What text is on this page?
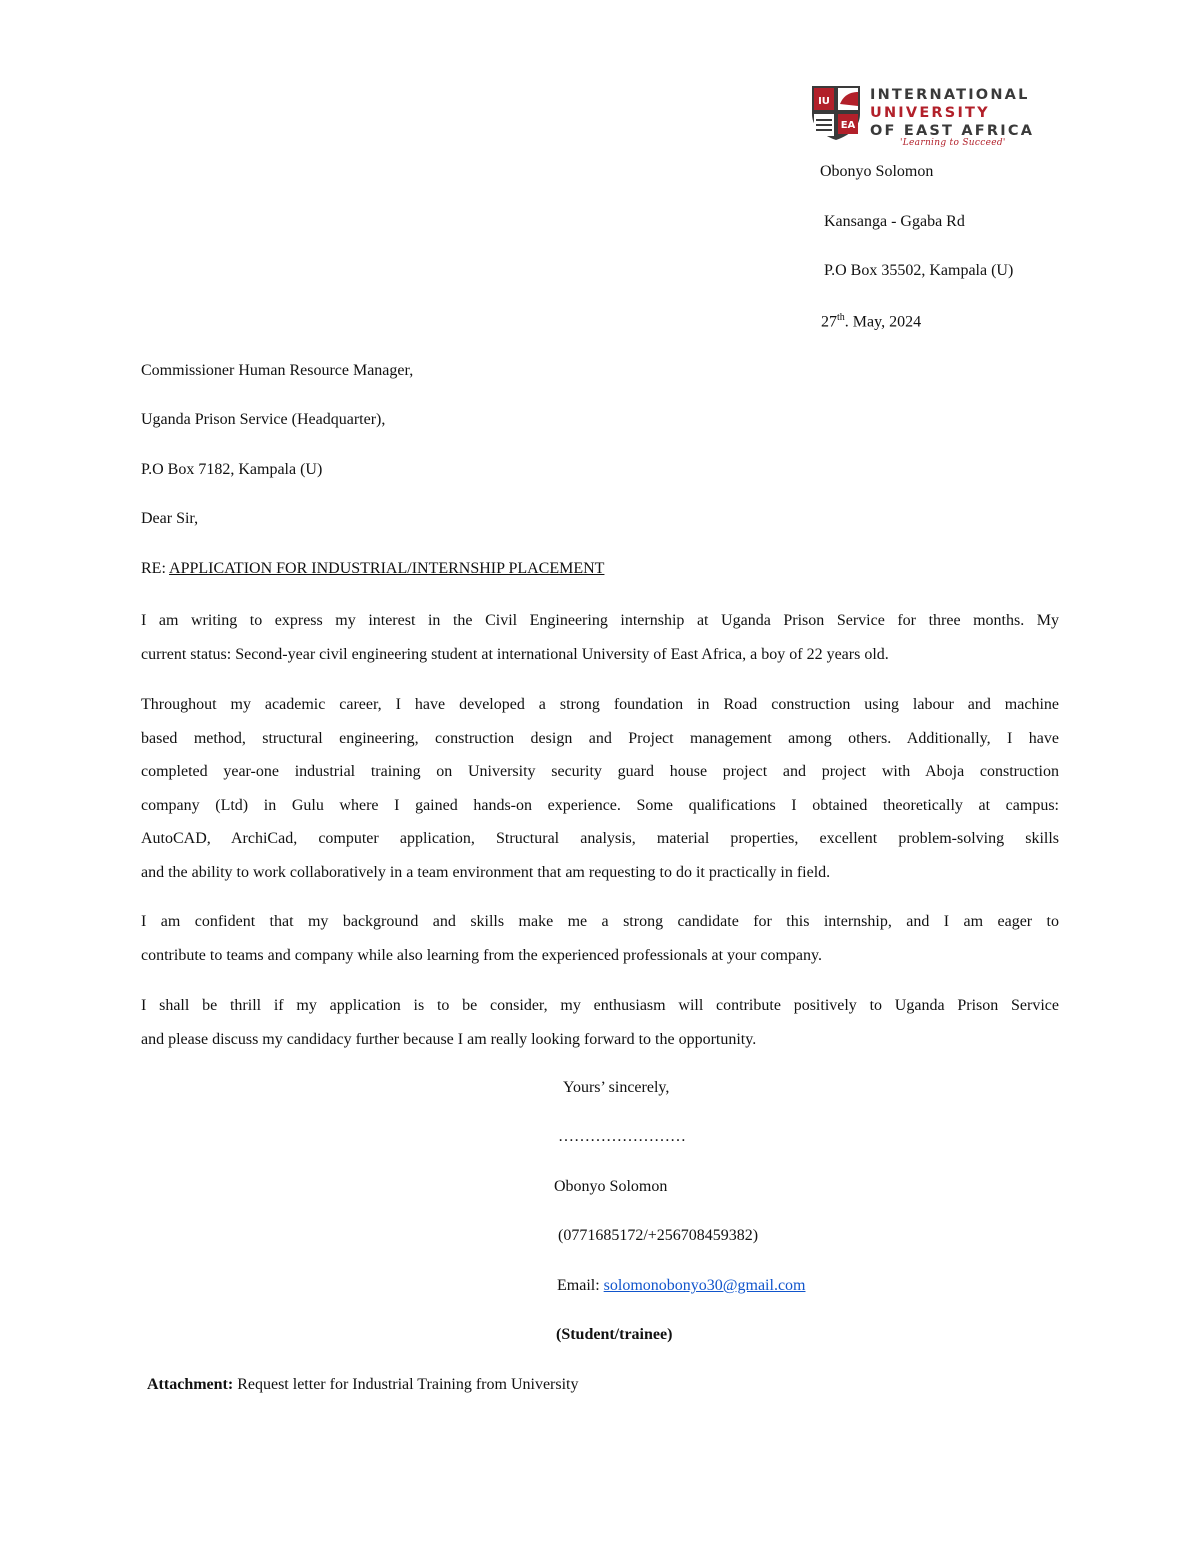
IU
EA
INTERNATIONAL
UNIVERSITY
OF EAST AFRICA
'Learning to Succeed'
Obonyo Solomon
Kansanga - Ggaba Rd
P.O Box 35502, Kampala (U)
27th. May, 2024
Commissioner Human Resource Manager,
Uganda Prison Service (Headquarter),
P.O Box 7182, Kampala (U)
Dear Sir,
RE: APPLICATION FOR INDUSTRIAL/INTERNSHIP PLACEMENT
I am writing to express my interest in the Civil Engineering internship at Uganda Prison Service for three months. My
current status: Second-year civil engineering student at international University of East Africa, a boy of 22 years old.
Throughout my academic career, I have developed a strong foundation in Road construction using labour and machine
based method, structural engineering, construction design and Project management among others. Additionally, I have
completed year-one industrial training on University security guard house project and project with Aboja construction
company (Ltd) in Gulu where I gained hands-on experience. Some qualifications I obtained theoretically at campus:
AutoCAD, ArchiCad, computer application, Structural analysis, material properties, excellent problem-solving skills
and the ability to work collaboratively in a team environment that am requesting to do it practically in field.
I am confident that my background and skills make me a strong candidate for this internship, and I am eager to
contribute to teams and company while also learning from the experienced professionals at your company.
I shall be thrill if my application is to be consider, my enthusiasm will contribute positively to Uganda Prison Service
and please discuss my candidacy further because I am really looking forward to the opportunity.
Yours’ sincerely,
……………………
Obonyo Solomon
(0771685172/+256708459382)
Email: solomonobonyo30@gmail.com
(Student/trainee)
Attachment: Request letter for Industrial Training from University
